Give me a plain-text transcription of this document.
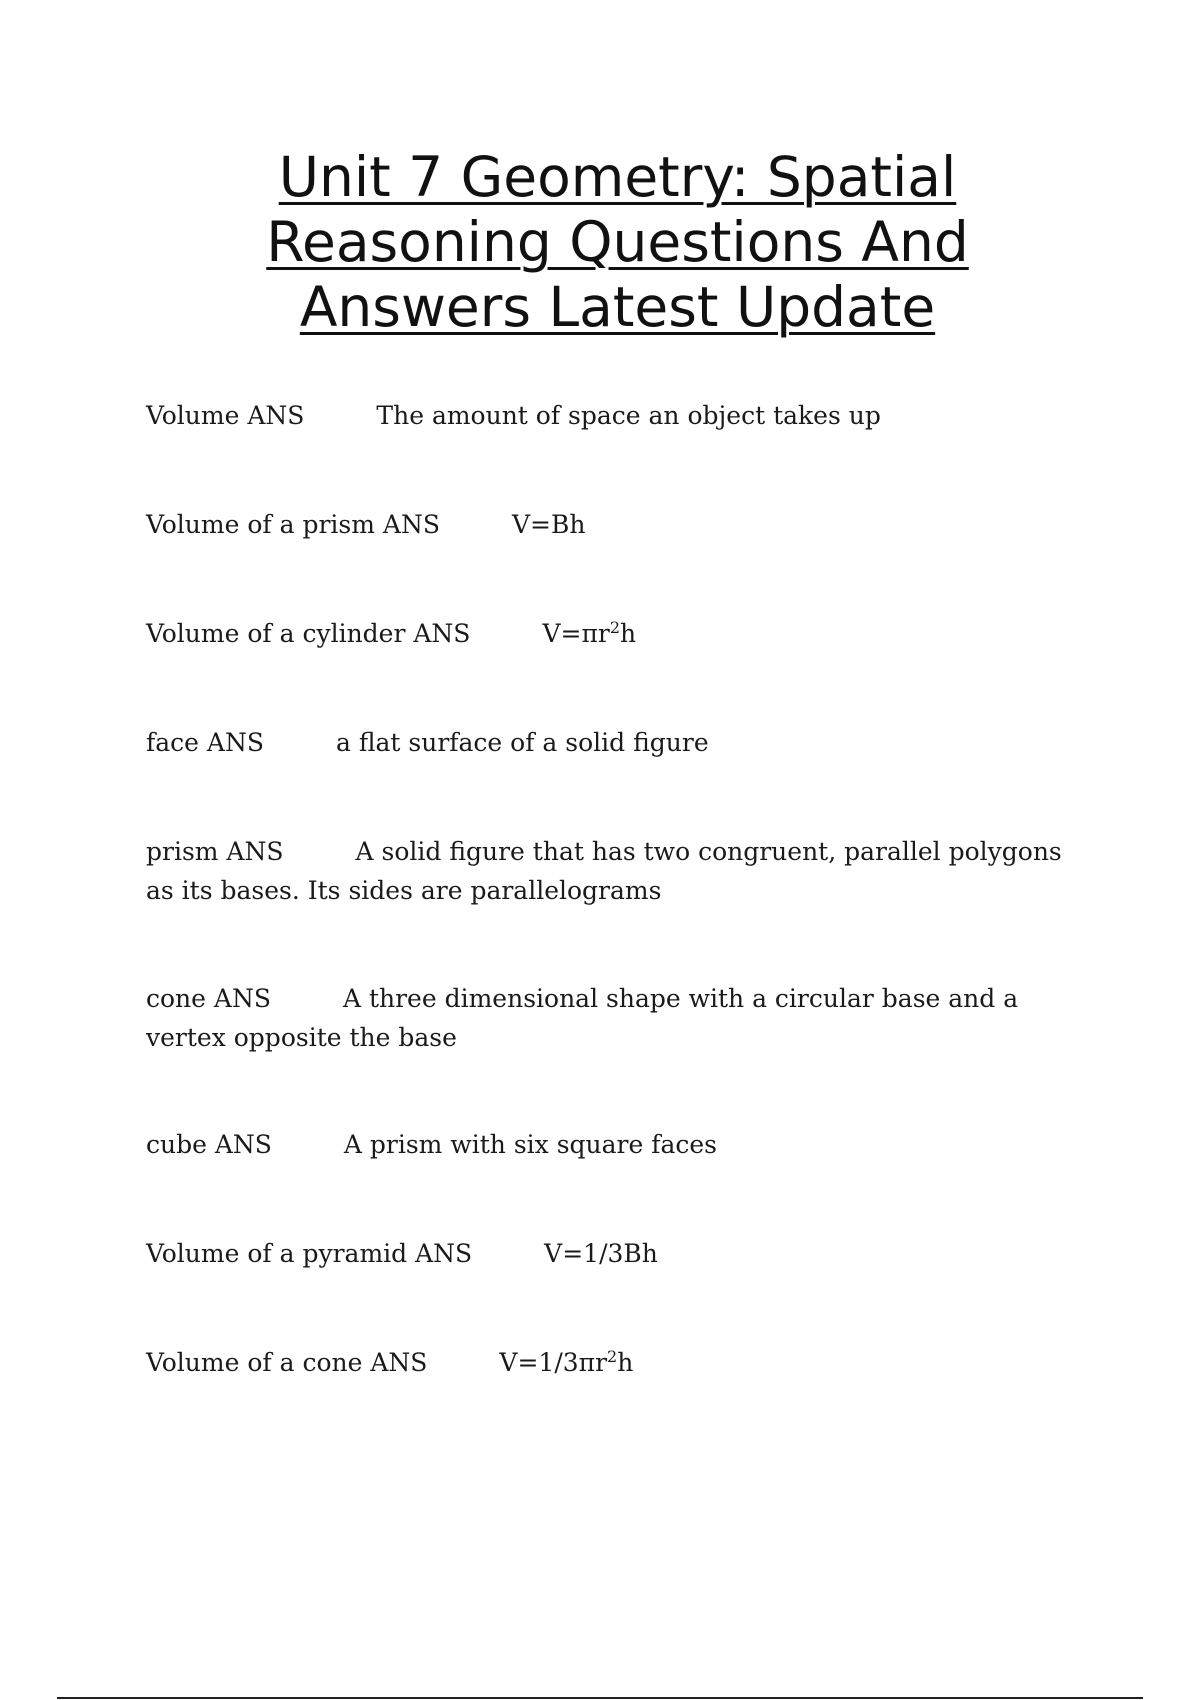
Unit 7 Geometry: Spatial Reasoning Questions And Answers Latest Update

Volume ANS	The amount of space an object takes up

Volume of a prism ANS	V=Bh

Volume of a cylinder ANS	$V=\pi r^2h$

face ANS	a flat surface of a solid figure

prism ANS	A solid figure that has two congruent, parallel polygons as its bases. Its sides are parallelograms

cone ANS	A three dimensional shape with a circular base and a vertex opposite the base

cube ANS	A prism with six square faces

Volume of a pyramid ANS	V=1/3Bh

Volume of a cone ANS	$V=1/3\pi r^2h$
